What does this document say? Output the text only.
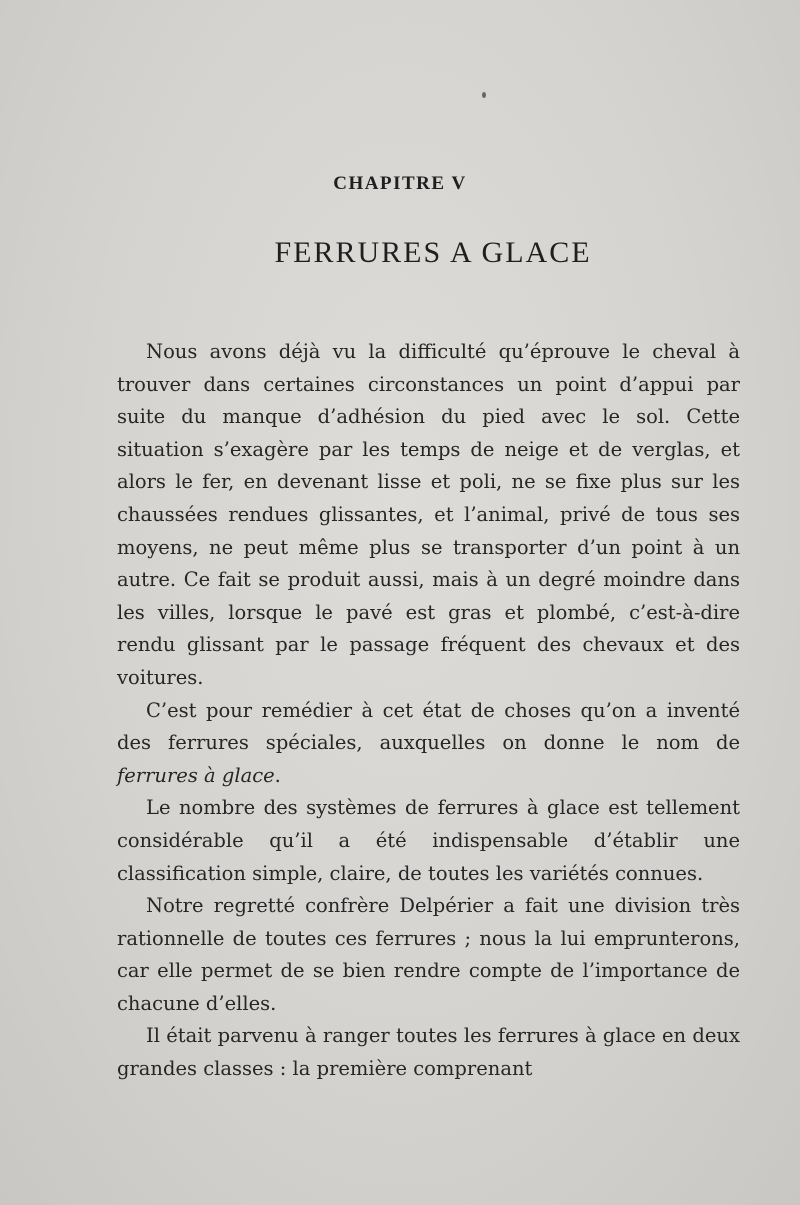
CHAPITRE V
FERRURES A GLACE

Nous avons déjà vu la difficulté qu’éprouve le cheval à trouver dans certaines circonstances un point d’appui par suite du manque d’adhésion du pied avec le sol. Cette situation s’exagère par les temps de neige et de verglas, et alors le fer, en devenant lisse et poli, ne se fixe plus sur les chaussées rendues glissantes, et l’animal, privé de tous ses moyens, ne peut même plus se transporter d’un point à un autre. Ce fait se produit aussi, mais à un degré moindre dans les villes, lorsque le pavé est gras et plombé, c’est-à-dire rendu glissant par le passage fréquent des chevaux et des voitures.

C’est pour remédier à cet état de choses qu’on a inventé des ferrures spéciales, auxquelles on donne le nom de ferrures à glace.

Le nombre des systèmes de ferrures à glace est tellement considérable qu’il a été indispensable d’établir une classification simple, claire, de toutes les variétés connues.

Notre regretté confrère Delpérier a fait une division très rationnelle de toutes ces ferrures ; nous la lui emprunterons, car elle permet de se bien rendre compte de l’importance de chacune d’elles.

Il était parvenu à ranger toutes les ferrures à glace en deux grandes classes : la première comprenant
